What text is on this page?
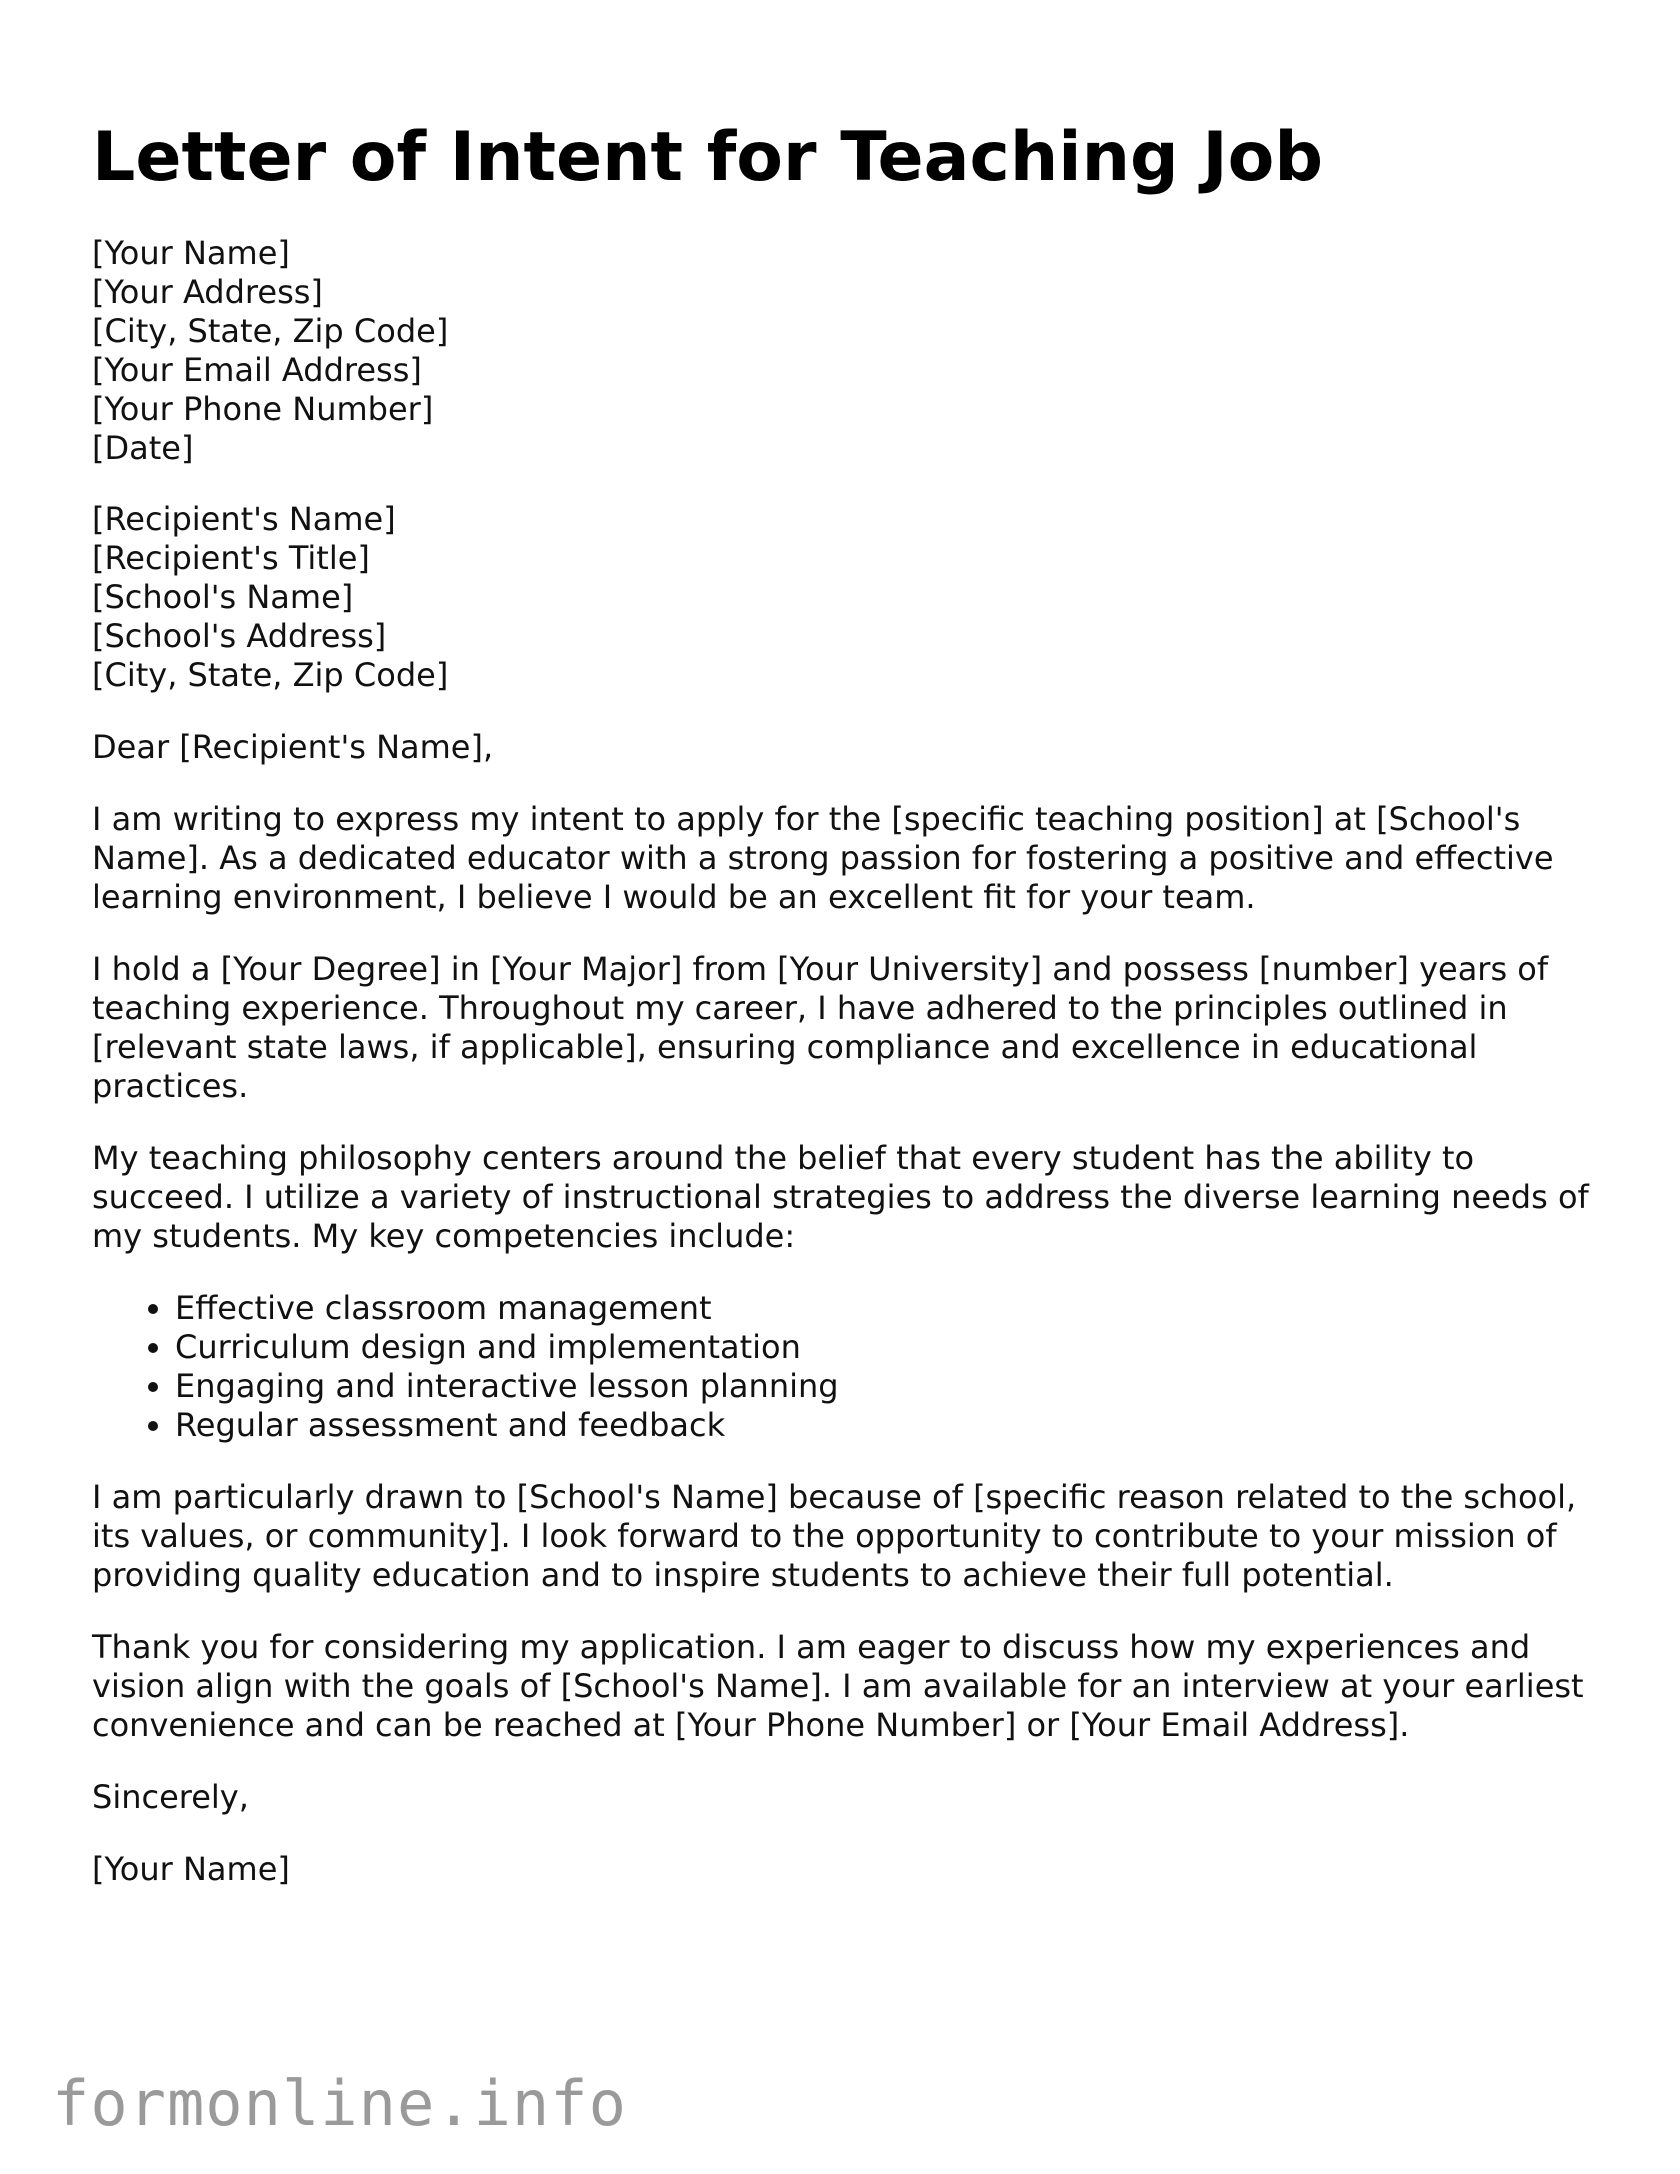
Letter of Intent for Teaching Job
[Your Name]
[Your Address]
[City, State, Zip Code]
[Your Email Address]
[Your Phone Number]
[Date]
[Recipient's Name]
[Recipient's Title]
[School's Name]
[School's Address]
[City, State, Zip Code]

Dear [Recipient's Name],

I am writing to express my intent to apply for the [specific teaching position] at [School's Name]. As a dedicated educator with a strong passion for fostering a positive and effective learning environment, I believe I would be an excellent fit for your team.

I hold a [Your Degree] in [Your Major] from [Your University] and possess [number] years of teaching experience. Throughout my career, I have adhered to the principles outlined in [relevant state laws, if applicable], ensuring compliance and excellence in educational practices.

My teaching philosophy centers around the belief that every student has the ability to succeed. I utilize a variety of instructional strategies to address the diverse learning needs of my students. My key competencies include:

• Effective classroom management
• Curriculum design and implementation
• Engaging and interactive lesson planning
• Regular assessment and feedback

I am particularly drawn to [School's Name] because of [specific reason related to the school, its values, or community]. I look forward to the opportunity to contribute to your mission of providing quality education and to inspire students to achieve their full potential.

Thank you for considering my application. I am eager to discuss how my experiences and vision align with the goals of [School's Name]. I am available for an interview at your earliest convenience and can be reached at [Your Phone Number] or [Your Email Address].

Sincerely,

[Your Name]

formonline.info
